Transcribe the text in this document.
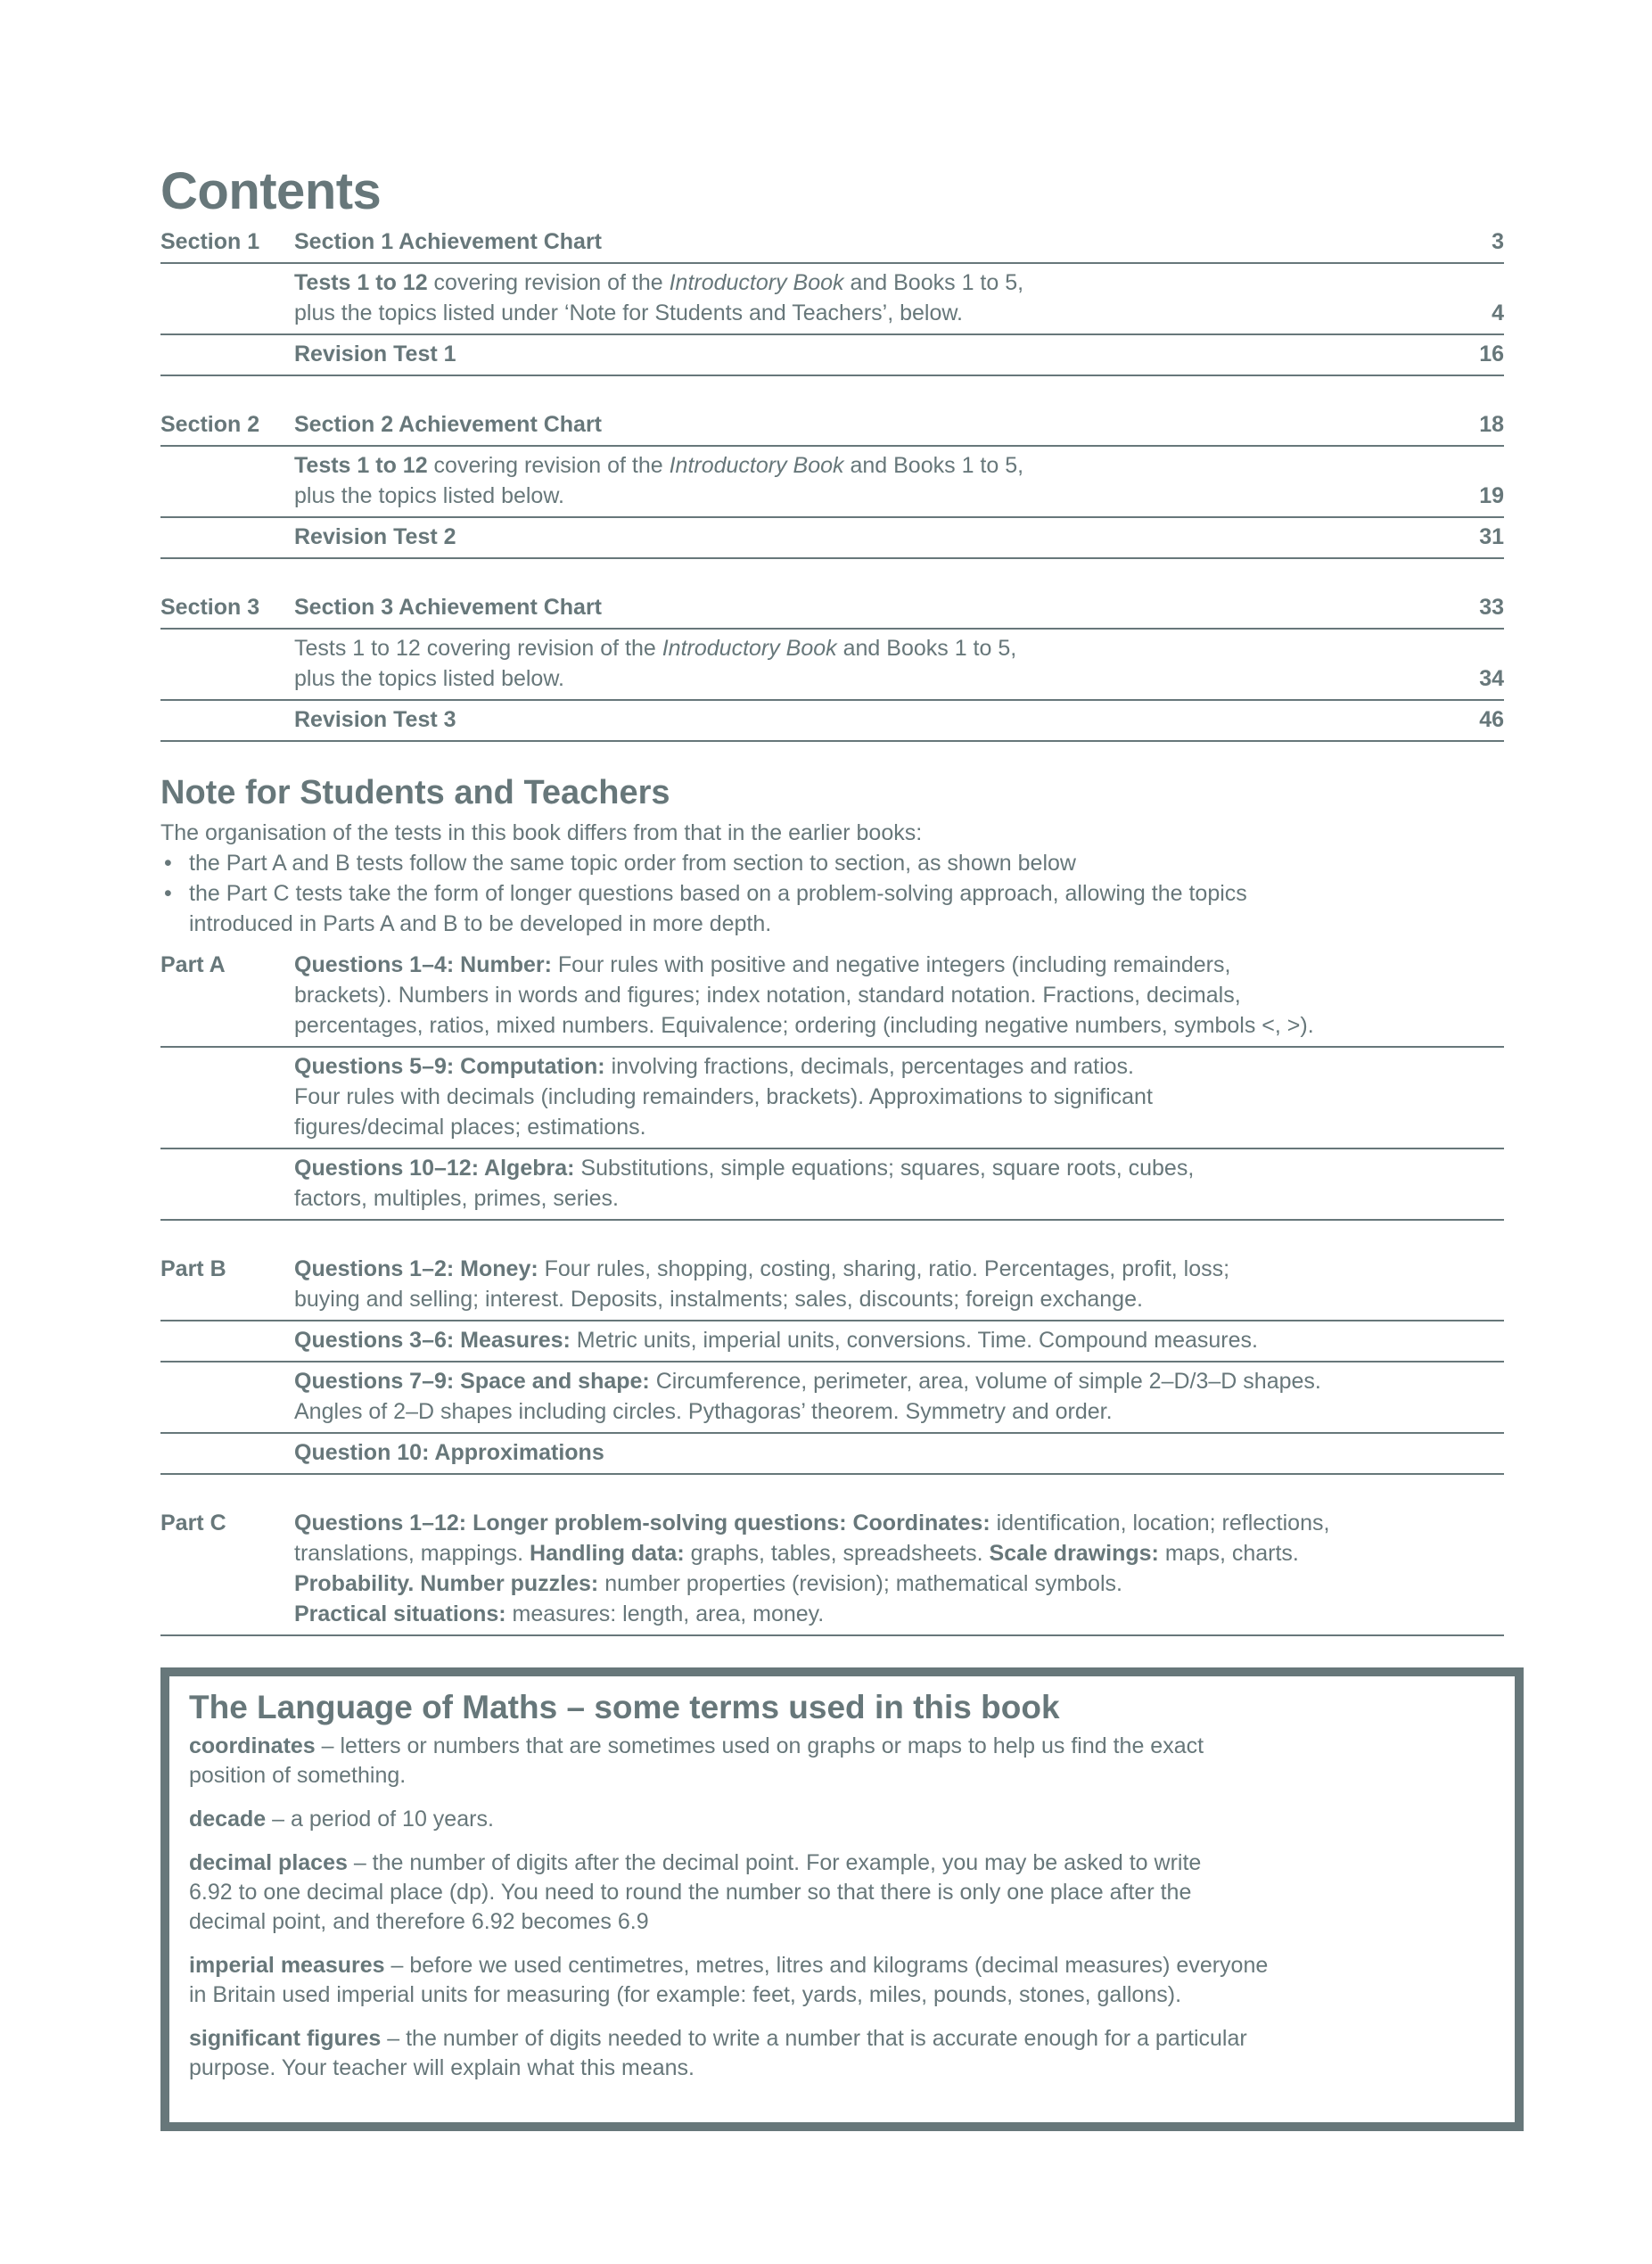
Contents
Section 1	Section 1 Achievement Chart	3
Tests 1 to 12 covering revision of the Introductory Book and Books 1 to 5,
plus the topics listed under ‘Note for Students and Teachers’, below.	4
Revision Test 1	16
Section 2	Section 2 Achievement Chart	18
Tests 1 to 12 covering revision of the Introductory Book and Books 1 to 5,
plus the topics listed below.	19
Revision Test 2	31
Section 3	Section 3 Achievement Chart	33
Tests 1 to 12 covering revision of the Introductory Book and Books 1 to 5,
plus the topics listed below.	34
Revision Test 3	46
Note for Students and Teachers
The organisation of the tests in this book differs from that in the earlier books:
• the Part A and B tests follow the same topic order from section to section, as shown below
• the Part C tests take the form of longer questions based on a problem-solving approach, allowing the topics
introduced in Parts A and B to be developed in more depth.
Part A	Questions 1–4: Number: Four rules with positive and negative integers (including remainders,
brackets). Numbers in words and figures; index notation, standard notation. Fractions, decimals,
percentages, ratios, mixed numbers. Equivalence; ordering (including negative numbers, symbols <, >).
Questions 5–9: Computation: involving fractions, decimals, percentages and ratios.
Four rules with decimals (including remainders, brackets). Approximations to significant
figures/decimal places; estimations.
Questions 10–12: Algebra: Substitutions, simple equations; squares, square roots, cubes,
factors, multiples, primes, series.
Part B	Questions 1–2: Money: Four rules, shopping, costing, sharing, ratio. Percentages, profit, loss;
buying and selling; interest. Deposits, instalments; sales, discounts; foreign exchange.
Questions 3–6: Measures: Metric units, imperial units, conversions. Time. Compound measures.
Questions 7–9: Space and shape: Circumference, perimeter, area, volume of simple 2–D/3–D shapes.
Angles of 2–D shapes including circles. Pythagoras’ theorem. Symmetry and order.
Question 10: Approximations
Part C	Questions 1–12: Longer problem-solving questions: Coordinates: identification, location; reflections,
translations, mappings. Handling data: graphs, tables, spreadsheets. Scale drawings: maps, charts.
Probability. Number puzzles: number properties (revision); mathematical symbols.
Practical situations: measures: length, area, money.
The Language of Maths – some terms used in this book
coordinates – letters or numbers that are sometimes used on graphs or maps to help us find the exact
position of something.
decade – a period of 10 years.
decimal places – the number of digits after the decimal point. For example, you may be asked to write
6.92 to one decimal place (dp). You need to round the number so that there is only one place after the
decimal point, and therefore 6.92 becomes 6.9
imperial measures – before we used centimetres, metres, litres and kilograms (decimal measures) everyone
in Britain used imperial units for measuring (for example: feet, yards, miles, pounds, stones, gallons).
significant figures – the number of digits needed to write a number that is accurate enough for a particular
purpose. Your teacher will explain what this means.
